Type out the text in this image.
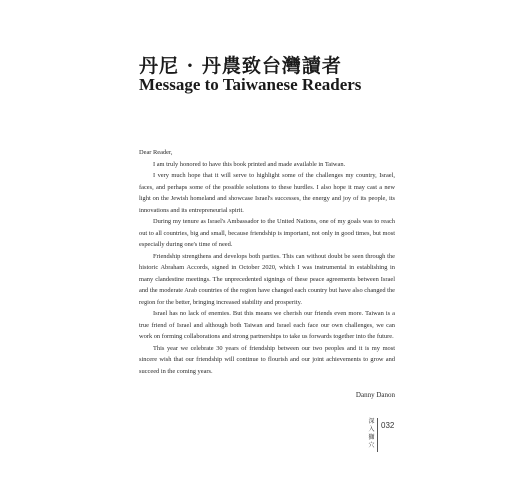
丹尼 · 丹農致台灣讀者
Message to Taiwanese Readers

Dear Reader,

I am truly honored to have this book printed and made available in Taiwan.

I very much hope that it will serve to highlight some of the challenges my country, Israel, faces, and perhaps some of the possible solutions to these hurdles. I also hope it may cast a new light on the Jewish homeland and showcase Israel's successes, the energy and joy of its people, its innovations and its entrepreneurial spirit.

During my tenure as Israel's Ambassador to the United Nations, one of my goals was to reach out to all countries, big and small, because friendship is important, not only in good times, but most especially during one's time of need.

Friendship strengthens and develops both parties. This can without doubt be seen through the historic Abraham Accords, signed in October 2020, which I was instrumental in establishing in many clandestine meetings. The unprecedented signings of these peace agreements between Israel and the moderate Arab countries of the region have changed each country but have also changed the region for the better, bringing increased stability and prosperity.

Israel has no lack of enemies. But this means we cherish our friends even more. Taiwan is a true friend of Israel and although both Taiwan and Israel each face our own challenges, we can work on forming collaborations and strong partnerships to take us forwards together into the future.

This year we celebrate 30 years of friendship between our two peoples and it is my most sincere wish that our friendship will continue to flourish and our joint achievements to grow and succeed in the coming years.

Danny Danon
深入獅穴
032
